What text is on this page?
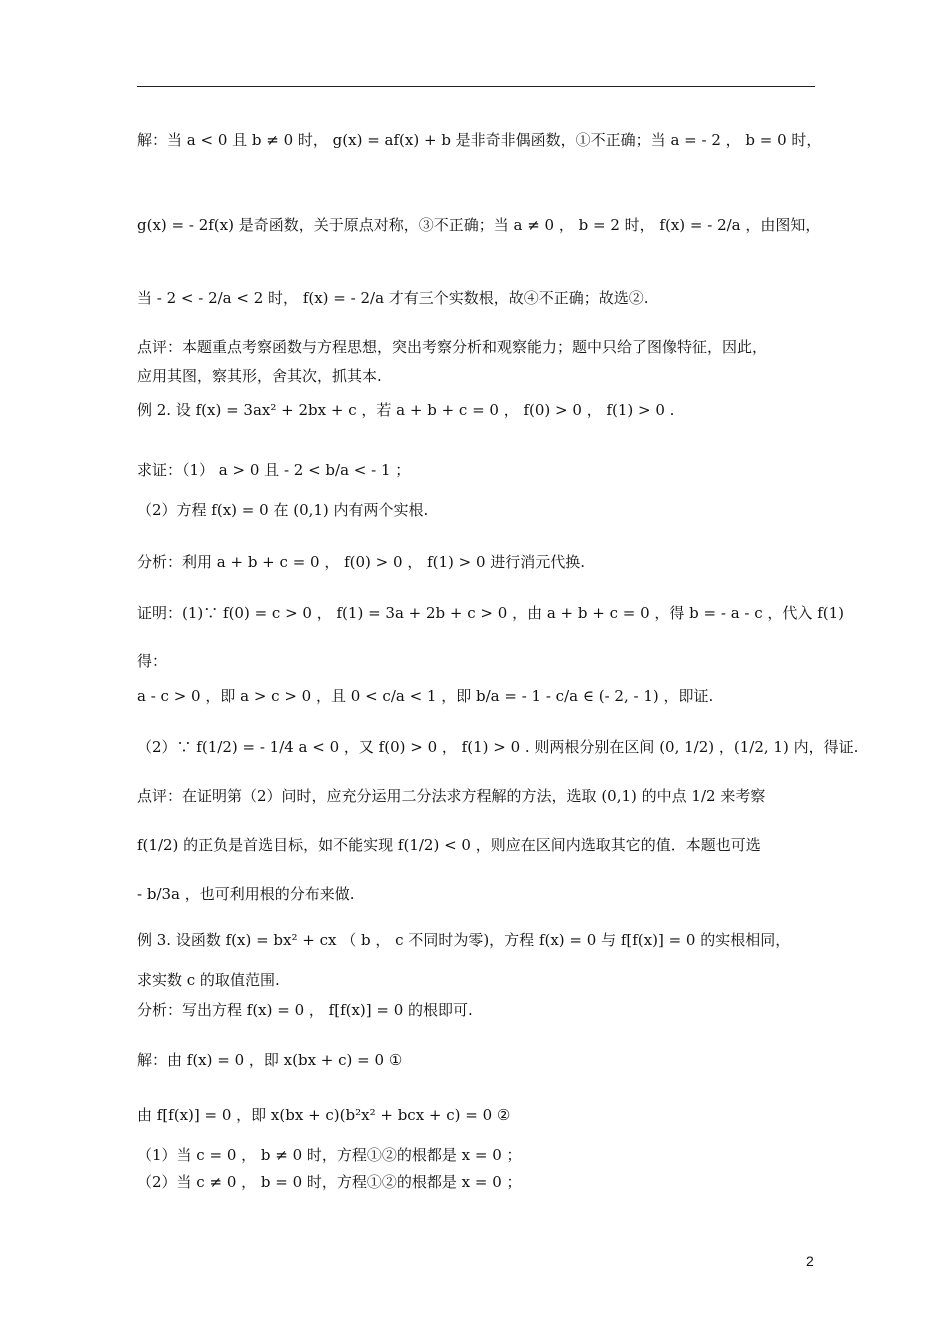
解：当 a < 0 且 b ≠ 0 时， g(x) = af(x) + b 是非奇非偶函数，①不正确；当 a = - 2 ， b = 0 时，
g(x) = - 2f(x) 是奇函数，关于原点对称，③不正确；当 a ≠ 0 ， b = 2 时， f(x) = - 2/a ，由图知，
当 - 2 < - 2/a < 2 时， f(x) = - 2/a 才有三个实数根，故④不正确；故选②.
点评：本题重点考察函数与方程思想，突出考察分析和观察能力；题中只给了图像特征，因此，
应用其图，察其形，舍其次，抓其本.
例 2. 设 f(x) = 3ax² + 2bx + c ，若 a + b + c = 0 ， f(0) > 0 ， f(1) > 0 .
求证：（1） a > 0 且 - 2 < b/a < - 1 ；
（2）方程 f(x) = 0 在 (0,1) 内有两个实根.
分析：利用 a + b + c = 0 ， f(0) > 0 ， f(1) > 0 进行消元代换.
证明：(1)∵ f(0) = c > 0 ， f(1) = 3a + 2b + c > 0 ，由 a + b + c = 0 ，得 b = - a - c ，代入 f(1)
得：
a - c > 0 ，即 a > c > 0 ，且 0 < c/a < 1 ，即 b/a = - 1 - c/a ∈ (- 2, - 1) ，即证.
（2）∵ f(1/2) = - 1/4 a < 0 ，又 f(0) > 0 ， f(1) > 0 . 则两根分别在区间 (0, 1/2) ，(1/2, 1) 内，得证.
点评：在证明第（2）问时，应充分运用二分法求方程解的方法，选取 (0,1) 的中点 1/2 来考察
f(1/2) 的正负是首选目标，如不能实现 f(1/2) < 0 ，则应在区间内选取其它的值．本题也可选
- b/3a ，也可利用根的分布来做.
例 3. 设函数 f(x) = bx² + cx （ b ， c 不同时为零)，方程 f(x) = 0 与 f[f(x)] = 0 的实根相同，
求实数 c 的取值范围.
分析：写出方程 f(x) = 0 ， f[f(x)] = 0 的根即可.
解：由 f(x) = 0 ，即 x(bx + c) = 0 ①
由 f[f(x)] = 0 ，即 x(bx + c)(b²x² + bcx + c) = 0 ②
（1）当 c = 0 ， b ≠ 0 时，方程①②的根都是 x = 0 ；
（2）当 c ≠ 0 ， b = 0 时，方程①②的根都是 x = 0 ；
2
